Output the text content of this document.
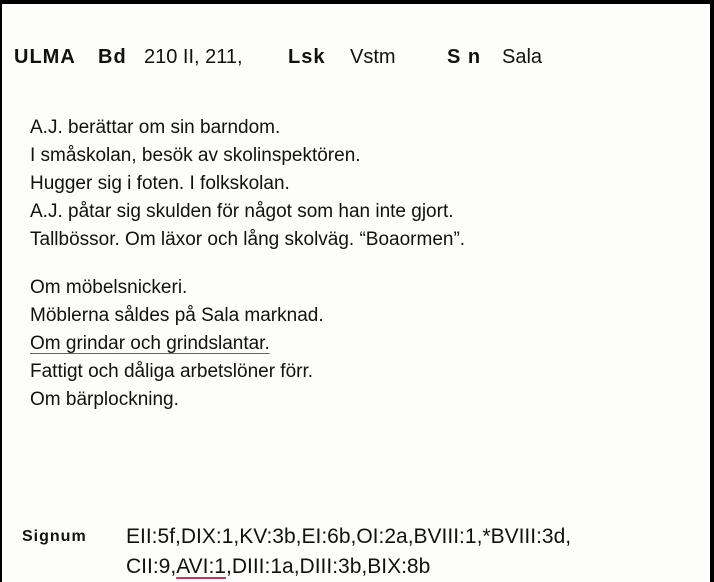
ULMA Bd 210 II, 211, Lsk Vstm	S n Sala
A.J. berättar om sin barndom.
I småskolan, besök av skolinspektören.
Hugger sig i foten. I folkskolan.
A.J. påtar sig skulden för något som han inte gjort.
Tallbössor. Om läxor och lång skolväg. “Boaormen”.
Om möbelsnickeri.
Möblerna såldes på Sala marknad.
Om grindar och grindslantar.
Fattigt och dåliga arbetslöner förr.
Om bärplockning.
Signum EII:5f,DIX:1,KV:3b,EI:6b,OI:2a,BVIII:1,*BVIII:3d,
CII:9,AVI:1,DIII:1a,DIII:3b,BIX:8b
